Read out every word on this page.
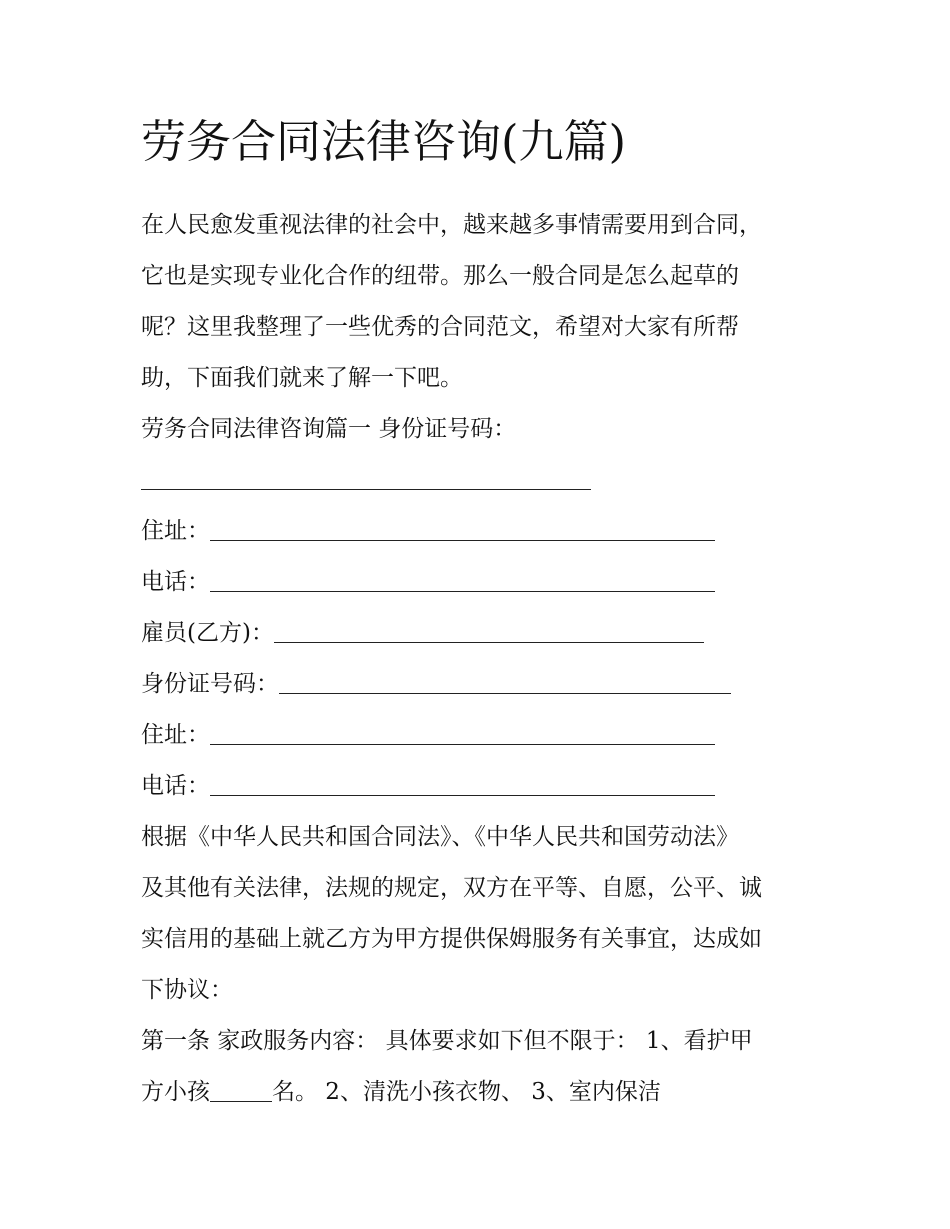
劳务合同法律咨询(九篇)
在人民愈发重视法律的社会中，越来越多事情需要用到合同，
它也是实现专业化合作的纽带。那么一般合同是怎么起草的
呢？这里我整理了一些优秀的合同范文，希望对大家有所帮
助，下面我们就来了解一下吧。
劳务合同法律咨询篇一 身份证号码：
住址：
电话：
雇员(乙方)：
身份证号码：
住址：
电话：
根据《中华人民共和国合同法》、《中华人民共和国劳动法》
及其他有关法律，法规的规定，双方在平等、自愿，公平、诚
实信用的基础上就乙方为甲方提供保姆服务有关事宜，达成如
下协议：
第一条 家政服务内容： 具体要求如下但不限于： 1、看护甲
方小孩	名。 2、清洗小孩衣物、 3、室内保洁
